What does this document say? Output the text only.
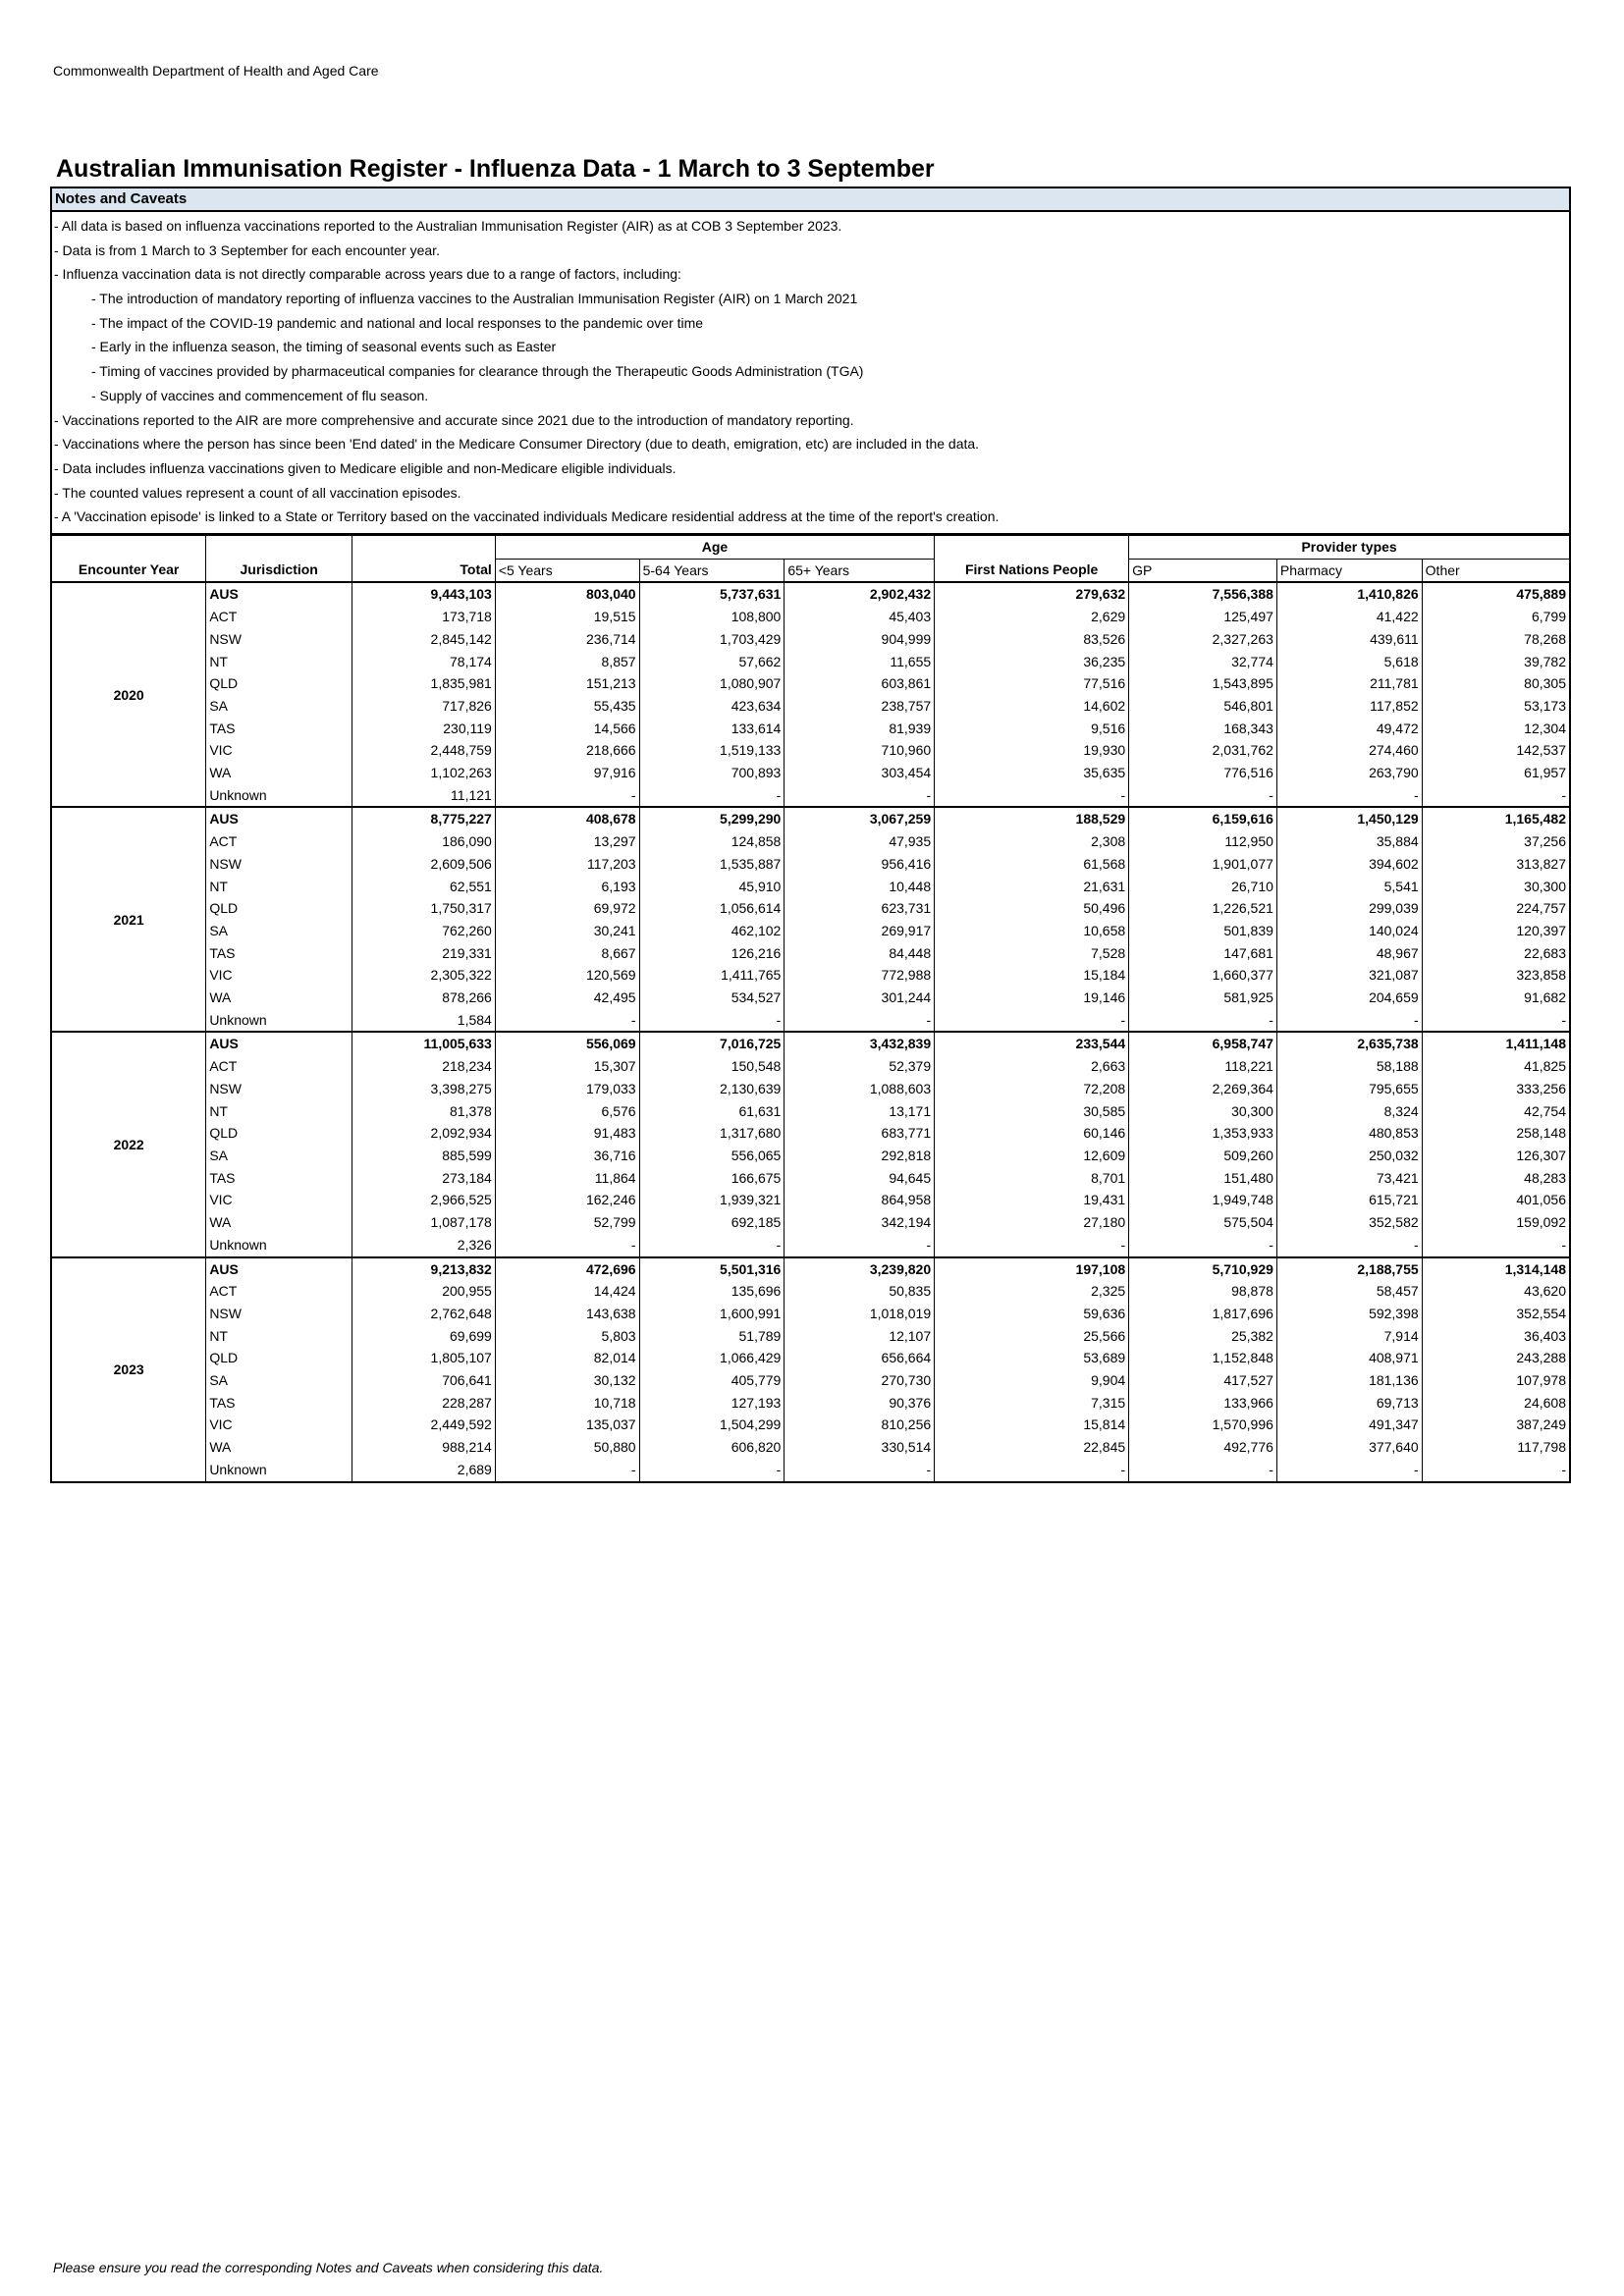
Commonwealth Department of Health and Aged Care
Australian Immunisation Register - Influenza Data - 1 March to 3 September
Notes and Caveats
- All data is based on influenza vaccinations reported to the Australian Immunisation Register (AIR) as at COB 3 September 2023.
- Data is from 1 March to 3 September for each encounter year.
- Influenza vaccination data is not directly comparable across years due to a range of factors, including:
- The introduction of mandatory reporting of influenza vaccines to the Australian Immunisation Register (AIR) on 1 March 2021
- The impact of the COVID-19 pandemic and national and local responses to the pandemic over time
- Early in the influenza season, the timing of seasonal events such as Easter
- Timing of vaccines provided by pharmaceutical companies for clearance through the Therapeutic Goods Administration (TGA)
- Supply of vaccines and commencement of flu season.
- Vaccinations reported to the AIR are more comprehensive and accurate since 2021 due to the introduction of mandatory reporting.
- Vaccinations where the person has since been 'End dated' in the Medicare Consumer Directory (due to death, emigration, etc) are included in the data.
- Data includes influenza vaccinations given to Medicare eligible and non-Medicare eligible individuals.
- The counted values represent a count of all vaccination episodes.
- A 'Vaccination episode' is linked to a State or Territory based on the vaccinated individuals Medicare residential address at the time of the report's creation.
			Age				Provider types		
Encounter Year	Jurisdiction	Total	<5 Years	5-64 Years	65+ Years	First Nations People	GP	Pharmacy	Other
2020	AUS	9,443,103	803,040	5,737,631	2,902,432	279,632	7,556,388	1,410,826	475,889
	ACT	173,718	19,515	108,800	45,403	2,629	125,497	41,422	6,799
	NSW	2,845,142	236,714	1,703,429	904,999	83,526	2,327,263	439,611	78,268
	NT	78,174	8,857	57,662	11,655	36,235	32,774	5,618	39,782
	QLD	1,835,981	151,213	1,080,907	603,861	77,516	1,543,895	211,781	80,305
	SA	717,826	55,435	423,634	238,757	14,602	546,801	117,852	53,173
	TAS	230,119	14,566	133,614	81,939	9,516	168,343	49,472	12,304
	VIC	2,448,759	218,666	1,519,133	710,960	19,930	2,031,762	274,460	142,537
	WA	1,102,263	97,916	700,893	303,454	35,635	776,516	263,790	61,957
	Unknown	11,121	-	-	-	-	-	-	-
2021	AUS	8,775,227	408,678	5,299,290	3,067,259	188,529	6,159,616	1,450,129	1,165,482
	ACT	186,090	13,297	124,858	47,935	2,308	112,950	35,884	37,256
	NSW	2,609,506	117,203	1,535,887	956,416	61,568	1,901,077	394,602	313,827
	NT	62,551	6,193	45,910	10,448	21,631	26,710	5,541	30,300
	QLD	1,750,317	69,972	1,056,614	623,731	50,496	1,226,521	299,039	224,757
	SA	762,260	30,241	462,102	269,917	10,658	501,839	140,024	120,397
	TAS	219,331	8,667	126,216	84,448	7,528	147,681	48,967	22,683
	VIC	2,305,322	120,569	1,411,765	772,988	15,184	1,660,377	321,087	323,858
	WA	878,266	42,495	534,527	301,244	19,146	581,925	204,659	91,682
	Unknown	1,584	-	-	-	-	-	-	-
2022	AUS	11,005,633	556,069	7,016,725	3,432,839	233,544	6,958,747	2,635,738	1,411,148
	ACT	218,234	15,307	150,548	52,379	2,663	118,221	58,188	41,825
	NSW	3,398,275	179,033	2,130,639	1,088,603	72,208	2,269,364	795,655	333,256
	NT	81,378	6,576	61,631	13,171	30,585	30,300	8,324	42,754
	QLD	2,092,934	91,483	1,317,680	683,771	60,146	1,353,933	480,853	258,148
	SA	885,599	36,716	556,065	292,818	12,609	509,260	250,032	126,307
	TAS	273,184	11,864	166,675	94,645	8,701	151,480	73,421	48,283
	VIC	2,966,525	162,246	1,939,321	864,958	19,431	1,949,748	615,721	401,056
	WA	1,087,178	52,799	692,185	342,194	27,180	575,504	352,582	159,092
	Unknown	2,326	-	-	-	-	-	-	-
2023	AUS	9,213,832	472,696	5,501,316	3,239,820	197,108	5,710,929	2,188,755	1,314,148
	ACT	200,955	14,424	135,696	50,835	2,325	98,878	58,457	43,620
	NSW	2,762,648	143,638	1,600,991	1,018,019	59,636	1,817,696	592,398	352,554
	NT	69,699	5,803	51,789	12,107	25,566	25,382	7,914	36,403
	QLD	1,805,107	82,014	1,066,429	656,664	53,689	1,152,848	408,971	243,288
	SA	706,641	30,132	405,779	270,730	9,904	417,527	181,136	107,978
	TAS	228,287	10,718	127,193	90,376	7,315	133,966	69,713	24,608
	VIC	2,449,592	135,037	1,504,299	810,256	15,814	1,570,996	491,347	387,249
	WA	988,214	50,880	606,820	330,514	22,845	492,776	377,640	117,798
	Unknown	2,689	-	-	-	-	-	-	-
Please ensure you read the corresponding Notes and Caveats when considering this data.
